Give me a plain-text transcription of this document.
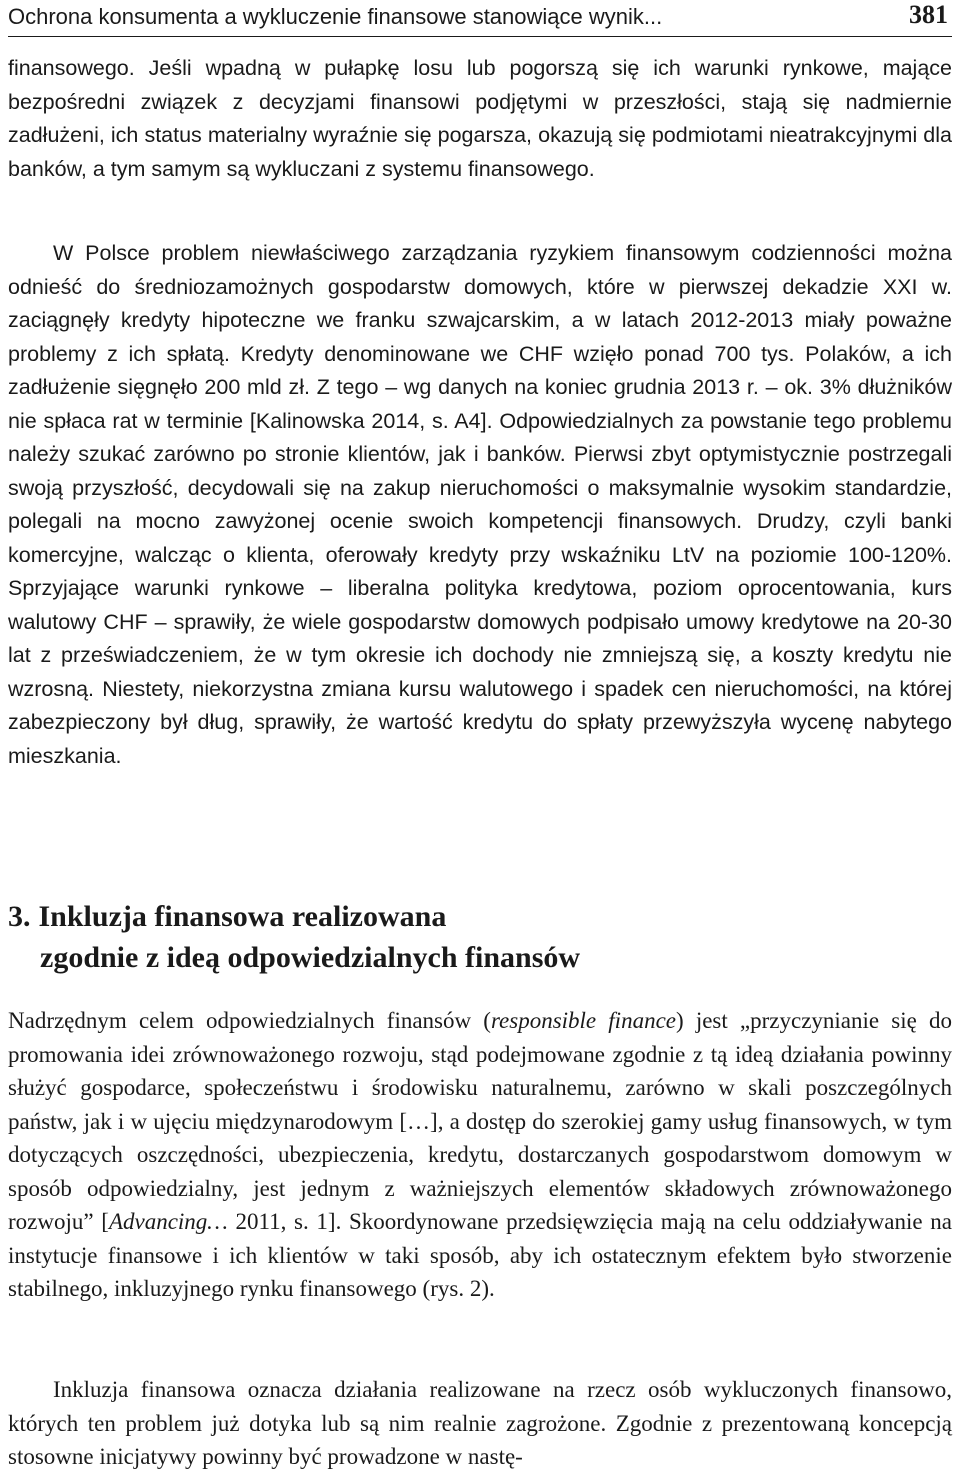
Ochrona konsumenta a wykluczenie finansowe stanowiące wynik...	381
finansowego. Jeśli wpadną w pułapkę losu lub pogorszą się ich warunki rynkowe, mające bezpośredni związek z decyzjami finansowi podjętymi w przeszłości, stają się nadmiernie zadłużeni, ich status materialny wyraźnie się pogarsza, okazują się podmiotami nieatrakcyjnymi dla banków, a tym samym są wykluczani z systemu finansowego.
W Polsce problem niewłaściwego zarządzania ryzykiem finansowym codzienności można odnieść do średniozamożnych gospodarstw domowych, które w pierwszej dekadzie XXI w. zaciągnęły kredyty hipoteczne we franku szwajcarskim, a w latach 2012-2013 miały poważne problemy z ich spłatą. Kredyty denominowane we CHF wzięło ponad 700 tys. Polaków, a ich zadłużenie sięgnęło 200 mld zł. Z tego – wg danych na koniec grudnia 2013 r. – ok. 3% dłużników nie spłaca rat w terminie [Kalinowska 2014, s. A4]. Odpowiedzialnych za powstanie tego problemu należy szukać zarówno po stronie klientów, jak i banków. Pierwsi zbyt optymistycznie postrzegali swoją przyszłość, decydowali się na zakup nieruchomości o maksymalnie wysokim standardzie, polegali na mocno zawyżonej ocenie swoich kompetencji finansowych. Drudzy, czyli banki komercyjne, walcząc o klienta, oferowały kredyty przy wskaźniku LtV na poziomie 100-120%. Sprzyjające warunki rynkowe – liberalna polityka kredytowa, poziom oprocentowania, kurs walutowy CHF – sprawiły, że wiele gospodarstw domowych podpisało umowy kredytowe na 20-30 lat z przeświadczeniem, że w tym okresie ich dochody nie zmniejszą się, a koszty kredytu nie wzrosną. Niestety, niekorzystna zmiana kursu walutowego i spadek cen nieruchomości, na której zabezpieczony był dług, sprawiły, że wartość kredytu do spłaty przewyższyła wycenę nabytego mieszkania.
3. Inkluzja finansowa realizowana
zgodnie z ideą odpowiedzialnych finansów
Nadrzędnym celem odpowiedzialnych finansów (responsible finance) jest „przyczynianie się do promowania idei zrównoważonego rozwoju, stąd podejmowane zgodnie z tą ideą działania powinny służyć gospodarce, społeczeństwu i środowisku naturalnemu, zarówno w skali poszczególnych państw, jak i w ujęciu międzynarodowym […], a dostęp do szerokiej gamy usług finansowych, w tym dotyczących oszczędności, ubezpieczenia, kredytu, dostarczanych gospodarstwom domowym w sposób odpowiedzialny, jest jednym z ważniejszych elementów składowych zrównoważonego rozwoju” [Advancing… 2011, s. 1]. Skoordynowane przedsięwzięcia mają na celu oddziaływanie na instytucje finansowe i ich klientów w taki sposób, aby ich ostatecznym efektem było stworzenie stabilnego, inkluzyjnego rynku finansowego (rys. 2).
Inkluzja finansowa oznacza działania realizowane na rzecz osób wykluczonych finansowo, których ten problem już dotyka lub są nim realnie zagrożone. Zgodnie z prezentowaną koncepcją stosowne inicjatywy powinny być prowadzone w nastę-
